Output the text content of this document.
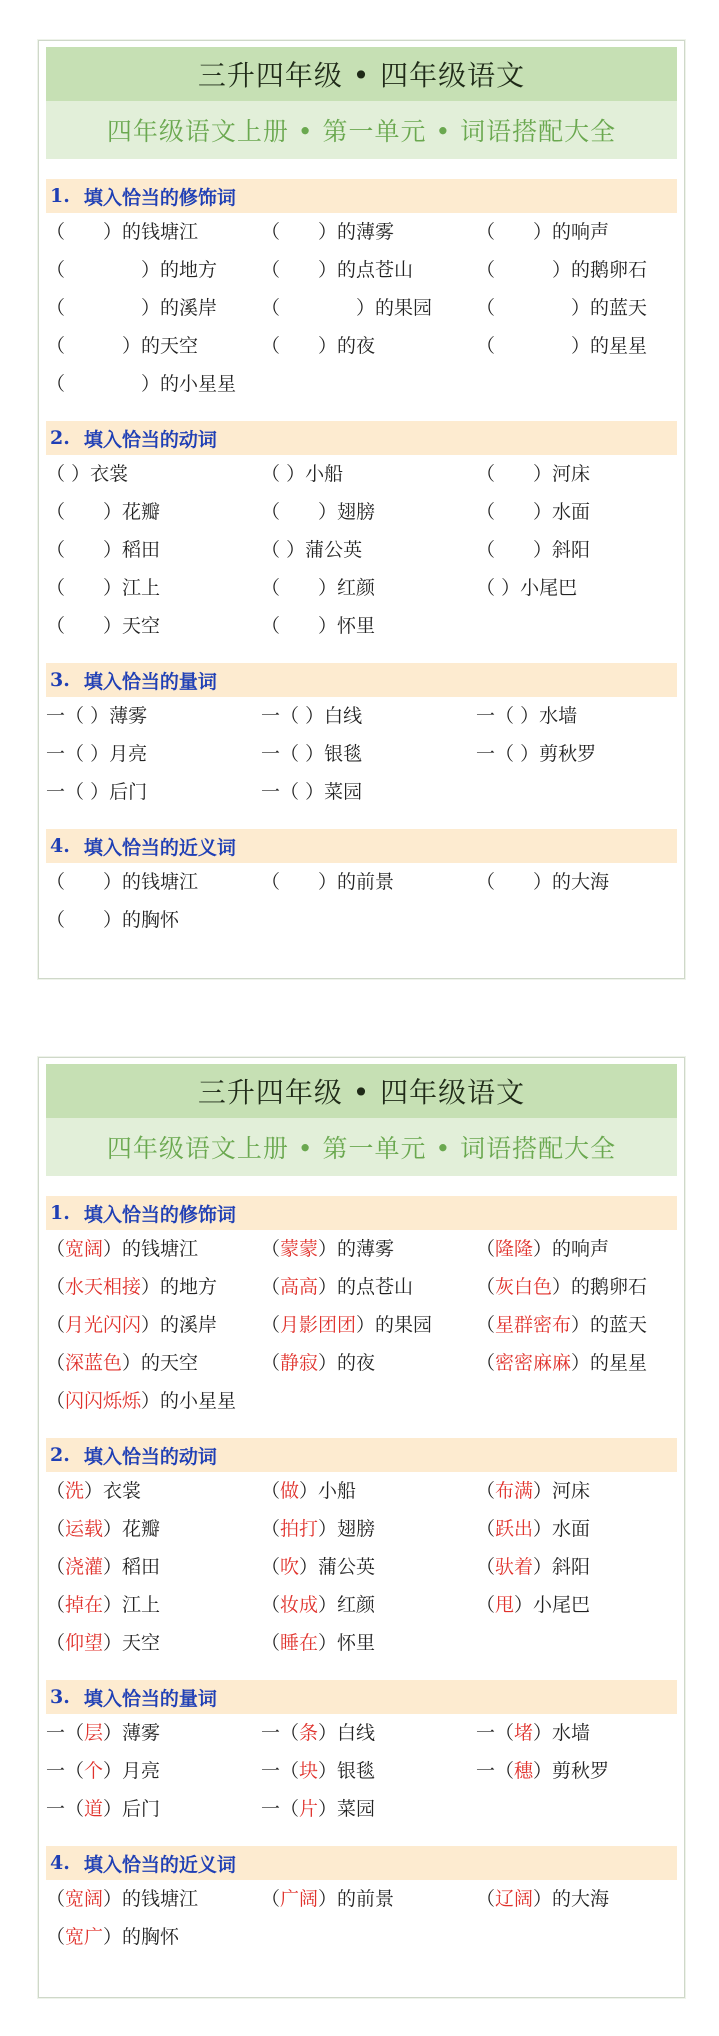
三升四年级 • 四年级语文
四年级语文上册 • 第一单元 • 词语搭配大全
1. 填入恰当的修饰词
（　　 ）的钱塘江	（　　 ）的薄雾	（　　 ）的响声
（　　　　	）的地方	（　　 ）的点苍山	（　　　	）的鹅卵石
（　　　　	）的溪岸	（　　　　	）的果园	（　　　　	）的蓝天
（　　　	）的天空	（　　 ）的夜	（　　　　	）的星星
（　　　　	）的小星星
2. 填入恰当的动词
（ ）衣裳	（ ）小船	（　　 ）河床
（　　 ）花瓣	（　　 ）翅膀	（　　 ）水面
（　　 ）稻田	（ ）蒲公英	（　　 ）斜阳
（　　 ）江上	（　　 ）红颜	（ ）小尾巴
（　　 ）天空	（　　 ）怀里
3. 填入恰当的量词
一（ ）薄雾	一（ ）白线	一（ ）水墙
一（ ）月亮	一（ ）银毯	一（ ）剪秋罗
一（ ）后门	一（ ）菜园
4. 填入恰当的近义词
（　　 ）的钱塘江	（　　 ）的前景	（　　 ）的大海
（　　 ）的胸怀
三升四年级 • 四年级语文
四年级语文上册 • 第一单元 • 词语搭配大全
1. 填入恰当的修饰词
（宽阔）的钱塘江	（蒙蒙）的薄雾	（隆隆）的响声
（水天相接）的地方	（高高）的点苍山	（灰白色）的鹅卵石
（月光闪闪）的溪岸	（月影团团）的果园	（星群密布）的蓝天
（深蓝色）的天空	（静寂）的夜	（密密麻麻）的星星
（闪闪烁烁）的小星星
2. 填入恰当的动词
（洗）衣裳	（做）小船	（布满）河床
（运载）花瓣	（拍打）翅膀	（跃出）水面
（浇灌）稻田	（吹）蒲公英	（驮着）斜阳
（掉在）江上	（妆成）红颜	（甩）小尾巴
（仰望）天空	（睡在）怀里
3. 填入恰当的量词
一（层）薄雾	一（条）白线	一（堵）水墙
一（个）月亮	一（块）银毯	一（穗）剪秋罗
一（道）后门	一（片）菜园
4. 填入恰当的近义词
（宽阔）的钱塘江	（广阔）的前景	（辽阔）的大海
（宽广）的胸怀
